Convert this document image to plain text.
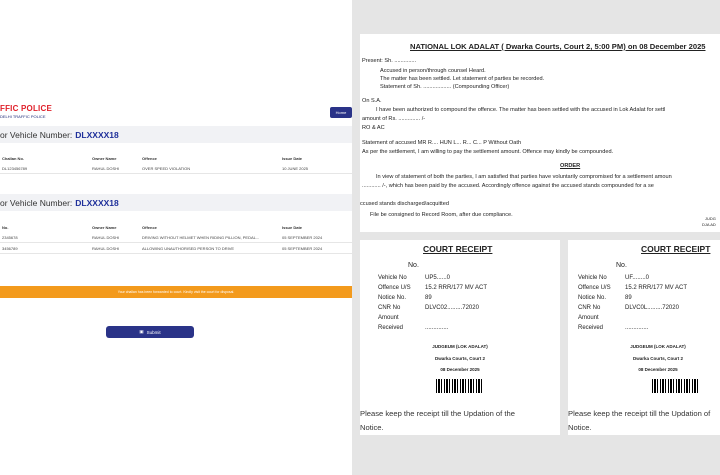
FFIC POLICE
DELHI TRAFFIC POLICE
Home
or Vehicle Number: DLXXXX18
Challan No.	Owner Name	Offence	Issue Date
DL123456789	RAHUL DOSHI	OVER SPEED VIOLATION	10 JUNE 2025
or Vehicle Number: DLXXXX18
No.	Owner Name	Offence	Issue Date
2345678	RAHUL DOSHI	DRIVING WITHOUT HELMET WHEN RIDING PILLION, PEDAL...	05 SEPTEMBER 2024
3456789	RAHUL DOSHI	ALLOWING UNAUTHORISED PERSON TO DRIVE	05 SEPTEMBER 2024
Your challan has been forwarded to court. Kindly visit the court for disposal.
▣ Submit
NATIONAL LOK ADALAT ( Dwarka Courts, Court 2, 5:00 PM) on 08 December 2025
Present: Sh. ..............
Accused in person/through counsel Heard.
The matter has been settled. Let statement of parties be recorded.
Statement of Sh. .................. (Compounding Officer)
On S.A.
I have been authorized to compound the offence. The matter has been settled with the accused in Lok Adalat for settl
amount of Rs. .............. /-
RO & AC
Statement of accused MR R.... HUN L... R... C... P Without Oath
As per the settlement, I am willing to pay the settlement amount. Offence may kindly be compounded.
ORDER
In view of statement of both the parties, I am satisfied that parties have voluntarily compromised for a settlement amoun
............ /-, which has been paid by the accused. Accordingly offence against the accused stands compounded for a se
ccused stands discharged/acquitted
File be consigned to Record Room, after due compliance.
JUDG
DJA AD
COURT RECEIPT
No.
Vehicle No	UP5......0
Offence U/S 15.2 RRR/177 MV ACT
Notice No.	89
CNR No	DLVC02.........72020
Amount
Received	..............
JUDGEUM (LOK ADALAT)
Dwarka Courts, Court 2
08 December 2025
Please keep the receipt till the Updation of the
Notice.
COURT RECEIPT
No.
Vehicle No	UF........0
Offence U/S 15.2 RRR/177 MV ACT
Notice No.	89
CNR No	DLVC0L.........72020
Amount
Received	..............
JUDGEUM (LOK ADALAT)
Dwarka Courts, Court 2
08 December 2025
Please keep the receipt till the Updation of
Notice.
